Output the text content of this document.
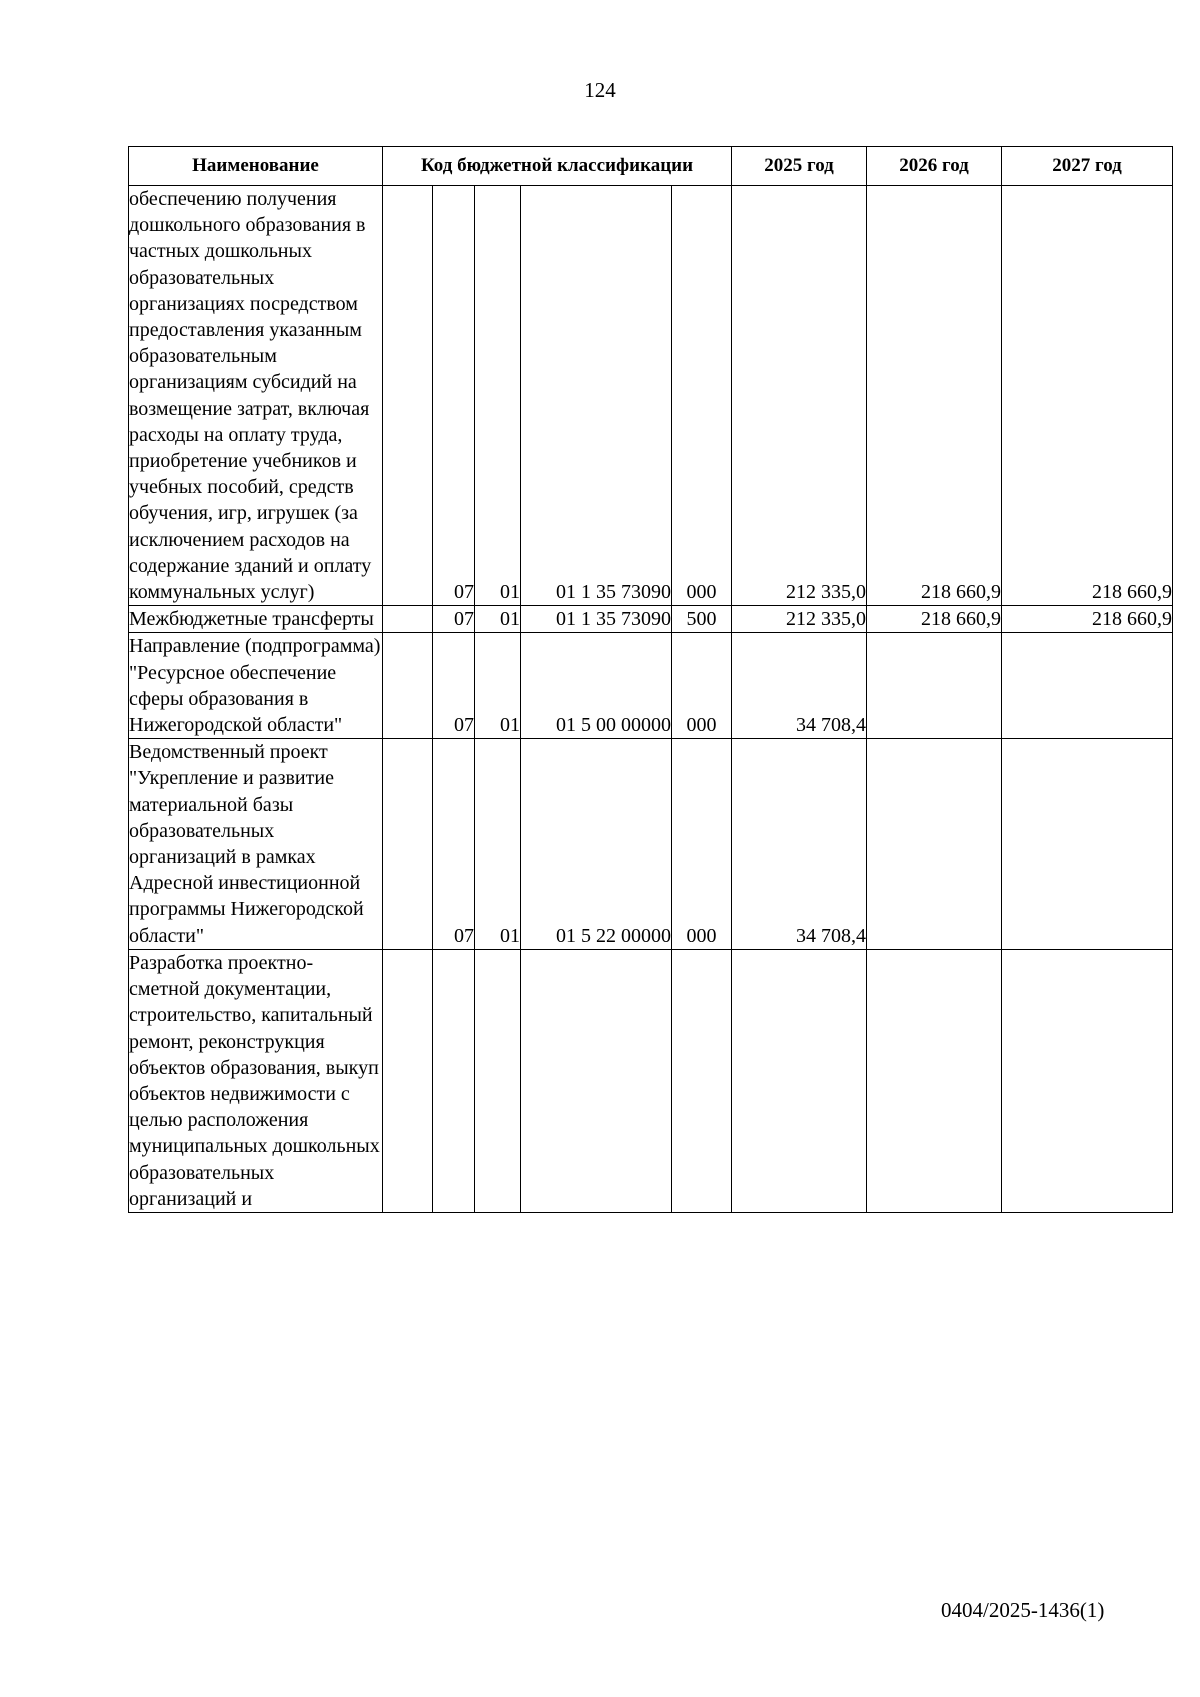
124
Наименование	Код бюджетной классификации					2025 год	2026 год	2027 год
обеспечению получения дошкольного образования в частных дошкольных образовательных организациях посредством предоставления указанным образовательным организациям субсидий на возмещение затрат, включая расходы на оплату труда, приобретение учебников и учебных пособий, средств обучения, игр, игрушек (за исключением расходов на содержание зданий и оплату коммунальных услуг)		07	01	01 1 35 73090	000	212 335,0	218 660,9	218 660,9
Межбюджетные трансферты		07	01	01 1 35 73090	500	212 335,0	218 660,9	218 660,9
Направление (подпрограмма) "Ресурсное обеспечение сферы образования в Нижегородской области"		07	01	01 5 00 00000	000	34 708,4		
Ведомственный проект "Укрепление и развитие материальной базы образовательных организаций в рамках Адресной инвестиционной программы Нижегородской области"		07	01	01 5 22 00000	000	34 708,4		
Разработка проектно-сметной документации, строительство, капитальный ремонт, реконструкция объектов образования, выкуп объектов недвижимости с целью расположения муниципальных дошкольных образовательных организаций и								
0404/2025-1436(1)
